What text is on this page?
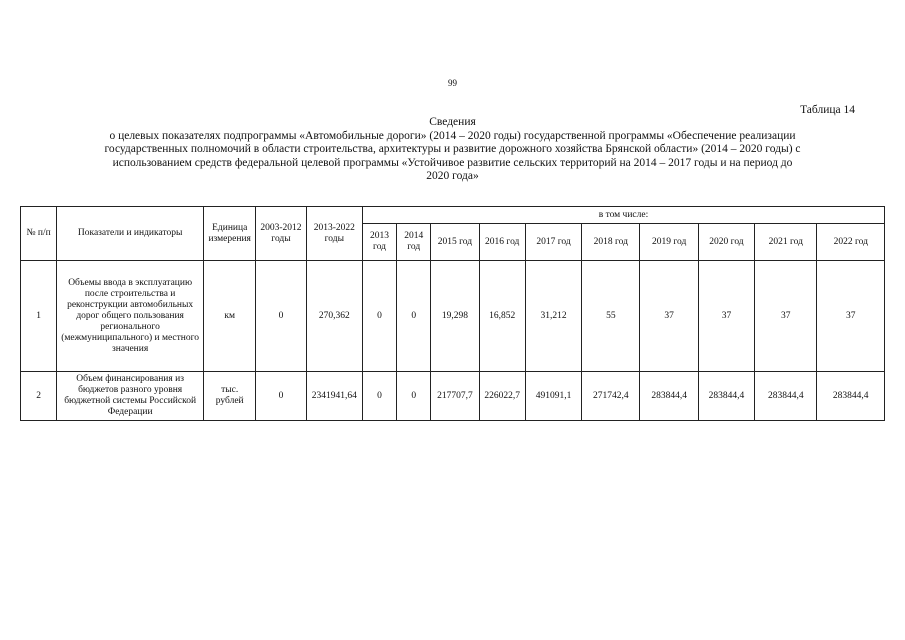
99
Таблица 14
Сведения
о целевых показателях подпрограммы «Автомобильные дороги» (2014 – 2020 годы) государственной программы «Обеспечение реализации
государственных полномочий в области строительства, архитектуры и развитие дорожного хозяйства Брянской области» (2014 – 2020 годы) с
использованием средств федеральной целевой программы «Устойчивое развитие сельских территорий на 2014 – 2017 годы и на период до
2020 года»
№ п/п	Показатели и индикаторы	Единица измерения	2003-2012 годы	2013-2022 годы	в том числе:									
					2013 год	2014 год	2015 год	2016 год	2017 год	2018 год	2019 год	2020 год	2021 год	2022 год
1	Объемы ввода в эксплуатацию после строительства и реконструкции автомобильных дорог общего пользования регионального (межмуниципального) и местного значения	км	0	270,362	0	0	19,298	16,852	31,212	55	37	37	37	37
2	Объем финансирования из бюджетов разного уровня бюджетной системы Российской Федерации	тыс. рублей	0	2341941,64	0	0	217707,7	226022,7	491091,1	271742,4	283844,4	283844,4	283844,4	283844,4
